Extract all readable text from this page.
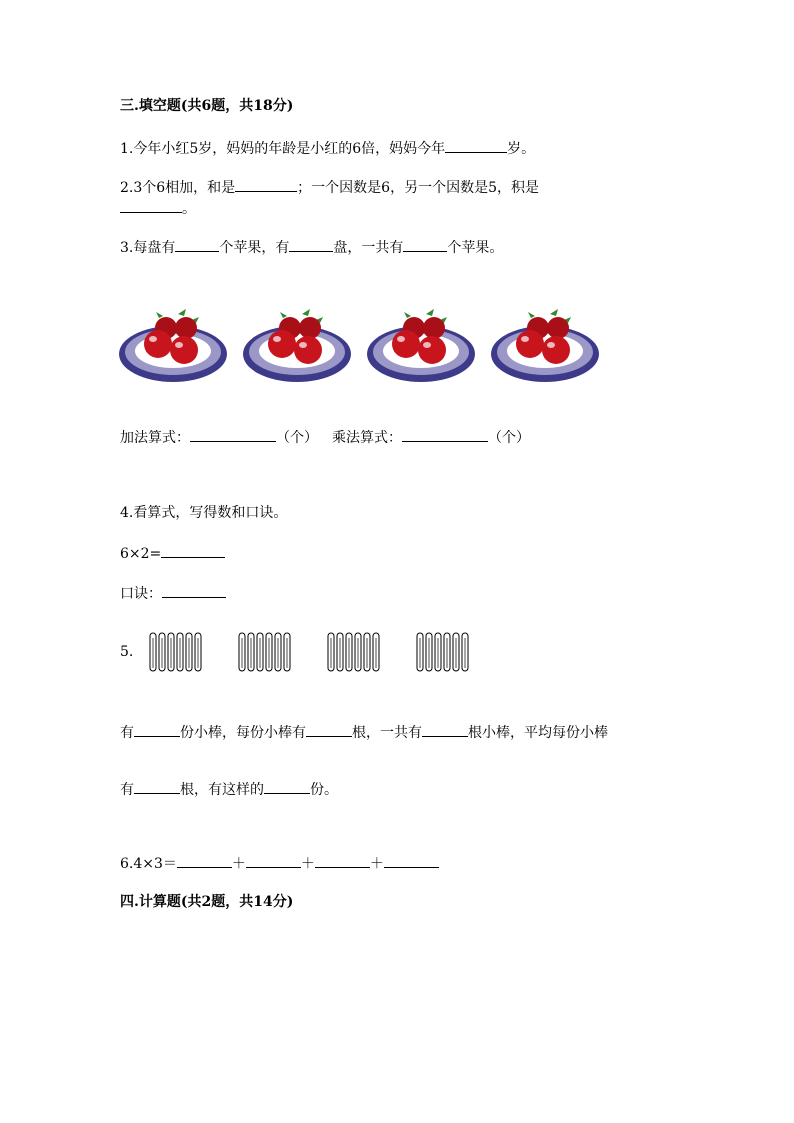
三.填空题(共6题，共18分)
1.今年小红5岁，妈妈的年龄是小红的6倍，妈妈今年	岁。
2.3个6相加，和是	；一个因数是6，另一个因数是5，积是
。
3.每盘有	个苹果，有	盘，一共有	个苹果。
加法算式：	（个） 乘法算式：	（个）
4.看算式，写得数和口诀。
6×2=
口诀：
5.
有	份小棒，每份小棒有	根，一共有	根小棒，平均每份小棒
有	根，有这样的	份。
6.4×3＝	＋	＋	＋
四.计算题(共2题，共14分)
